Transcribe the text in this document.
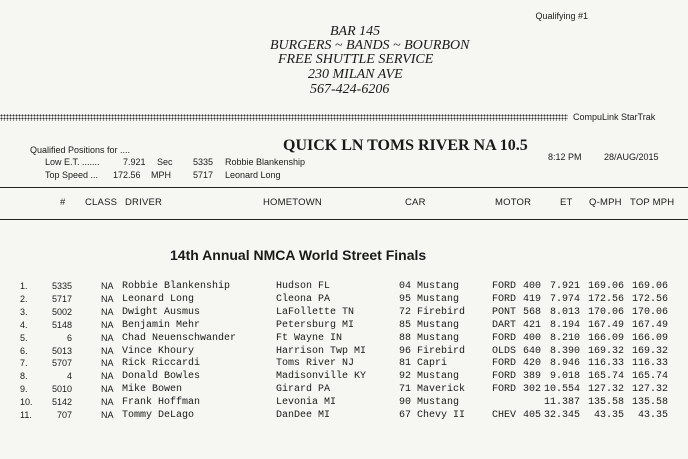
Qualifying #1
BAR 145
BURGERS ~ BANDS ~ BOURBON
FREE SHUTTLE SERVICE
230 MILAN AVE
567-424-6206
CompuLink StarTrak
QUICK LN TOMS RIVER NA 10.5
Qualified Positions for ....
Low E.T. .......	7.921 Sec 5335 Robbie Blankenship
Top Speed ... 172.56 MPH 5717 Leonard Long
8:12 PM 28/AUG/2015
# CLASS DRIVER	HOMETOWN	CAR	MOTOR	ET Q-MPH TOP MPH
14th Annual NMCA World Street Finals
1.	5335	NA Robbie Blankenship	Hudson FL	04 Mustang	FORD 400 7.921 169.06 169.06
2.	5717	NA Leonard Long	Cleona PA	95 Mustang	FORD 419 7.974 172.56 172.56
3.	5002	NA Dwight Ausmus	LaFollette TN	72 Firebird	PONT 568 8.013 170.06 170.06
4.	5148	NA Benjamin Mehr	Petersburg MI	85 Mustang	DART 421 8.194 167.49 167.49
5.	6	NA Chad Neuenschwander	Ft Wayne IN	88 Mustang	FORD 400 8.210 166.09 166.09
6.	5013	NA Vince Khoury	Harrison Twp MI	96 Firebird	OLDS 640 8.390 169.32 169.32
7.	5707	NA Rick Riccardi	Toms River NJ	81 Capri	FORD 420 8.946 116.33 116.33
8.	4	NA Donald Bowles	Madisonville KY	92 Mustang	FORD 389 9.018 165.74 165.74
9.	5010	NA Mike Bowen	Girard PA	71 Maverick	FORD 302 10.554 127.32 127.32
10. 5142	NA Frank Hoffman	Levonia MI	90 Mustang	11.387 135.58 135.58
11.	707	NA Tommy DeLago	DanDee MI	67 Chevy II	CHEV 405 32.345 43.35 43.35
